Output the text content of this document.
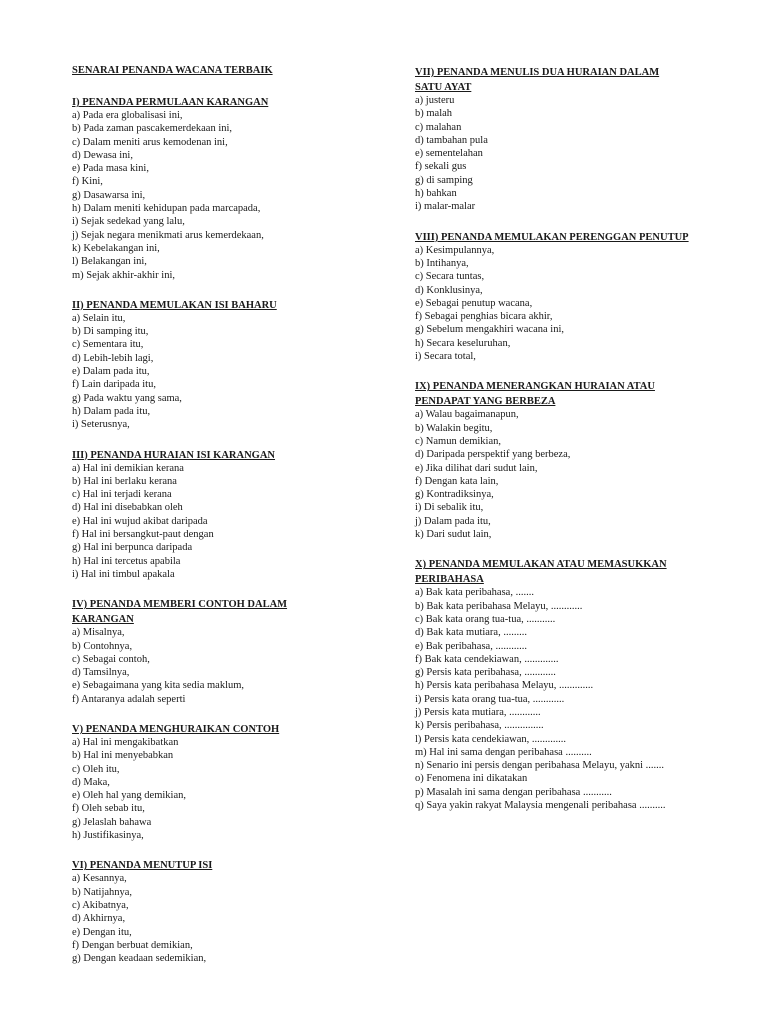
SENARAI PENANDA WACANA TERBAIK
I) PENANDA PERMULAAN KARANGAN
a) Pada era globalisasi ini,
b) Pada zaman pascakemerdekaan ini,
c) Dalam meniti arus kemodenan ini,
d) Dewasa ini,
e) Pada masa kini,
f) Kini,
g) Dasawarsa ini,
h) Dalam meniti kehidupan pada marcapada,
i) Sejak sedekad yang lalu,
j) Sejak negara menikmati arus kemerdekaan,
k) Kebelakangan ini,
l) Belakangan ini,
m) Sejak akhir-akhir ini,
II) PENANDA MEMULAKAN ISI BAHARU
a) Selain itu,
b) Di samping itu,
c) Sementara itu,
d) Lebih-lebih lagi,
e) Dalam pada itu,
f) Lain daripada itu,
g) Pada waktu yang sama,
h) Dalam pada itu,
i) Seterusnya,
III) PENANDA HURAIAN ISI KARANGAN
a) Hal ini demikian kerana
b) Hal ini berlaku kerana
c) Hal ini terjadi kerana
d) Hal ini disebabkan oleh
e) Hal ini wujud akibat daripada
f) Hal ini bersangkut-paut dengan
g) Hal ini berpunca daripada
h) Hal ini tercetus apabila
i) Hal ini timbul apakala
IV) PENANDA MEMBERI CONTOH DALAM
KARANGAN
a) Misalnya,
b) Contohnya,
c) Sebagai contoh,
d) Tamsilnya,
e) Sebagaimana yang kita sedia maklum,
f) Antaranya adalah seperti
V) PENANDA MENGHURAIKAN CONTOH
a) Hal ini mengakibatkan
b) Hal ini menyebabkan
c) Oleh itu,
d) Maka,
e) Oleh hal yang demikian,
f) Oleh sebab itu,
g) Jelaslah bahawa
h) Justifikasinya,
VI) PENANDA MENUTUP ISI
a) Kesannya,
b) Natijahnya,
c) Akibatnya,
d) Akhirnya,
e) Dengan itu,
f) Dengan berbuat demikian,
g) Dengan keadaan sedemikian,
VII) PENANDA MENULIS DUA HURAIAN DALAM
SATU AYAT
a) justeru
b) malah
c) malahan
d) tambahan pula
e) sementelahan
f) sekali gus
g) di samping
h) bahkan
i) malar-malar
VIII) PENANDA MEMULAKAN PERENGGAN PENUTUP
a) Kesimpulannya,
b) Intihanya,
c) Secara tuntas,
d) Konklusinya,
e) Sebagai penutup wacana,
f) Sebagai penghias bicara akhir,
g) Sebelum mengakhiri wacana ini,
h) Secara keseluruhan,
i) Secara total,
IX) PENANDA MENERANGKAN HURAIAN ATAU
PENDAPAT YANG BERBEZA
a) Walau bagaimanapun,
b) Walakin begitu,
c) Namun demikian,
d) Daripada perspektif yang berbeza,
e) Jika dilihat dari sudut lain,
f) Dengan kata lain,
g) Kontradiksinya,
i) Di sebalik itu,
j) Dalam pada itu,
k) Dari sudut lain,
X) PENANDA MEMULAKAN ATAU MEMASUKKAN
PERIBAHASA
a) Bak kata peribahasa, .......
b) Bak kata peribahasa Melayu, ............
c) Bak kata orang tua-tua, ...........
d) Bak kata mutiara, .........
e) Bak peribahasa, ............
f) Bak kata cendekiawan, .............
g) Persis kata peribahasa, ............
h) Persis kata peribahasa Melayu, .............
i) Persis kata orang tua-tua, ............
j) Persis kata mutiara, ............
k) Persis peribahasa, ...............
l) Persis kata cendekiawan, .............
m) Hal ini sama dengan peribahasa ..........
n) Senario ini persis dengan peribahasa Melayu, yakni .......
o) Fenomena ini dikatakan
p) Masalah ini sama dengan peribahasa ...........
q) Saya yakin rakyat Malaysia mengenali peribahasa ..........
